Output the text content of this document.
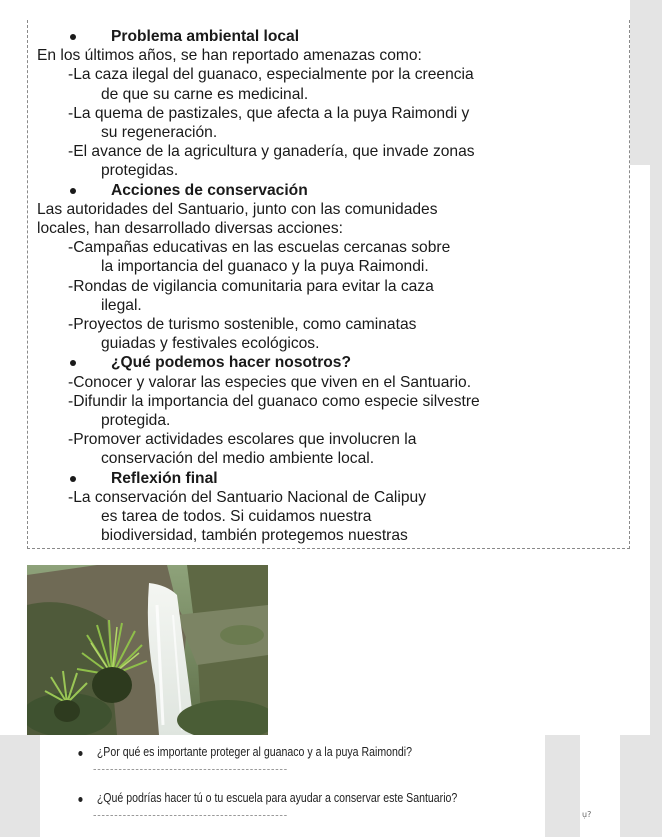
Problema ambiental local
En los últimos años, se han reportado amenazas como:
-La caza ilegal del guanaco, especialmente por la creencia
de que su carne es medicinal.
-La quema de pastizales, que afecta a la puya Raimondi y
su regeneración.
-El avance de la agricultura y ganadería, que invade zonas
protegidas.
Acciones de conservación
Las autoridades del Santuario, junto con las comunidades
locales, han desarrollado diversas acciones:
-Campañas educativas en las escuelas cercanas sobre
la importancia del guanaco y la puya Raimondi.
-Rondas de vigilancia comunitaria para evitar la caza
ilegal.
-Proyectos de turismo sostenible, como caminatas
guiadas y festivales ecológicos.
¿Qué podemos hacer nosotros?
-Conocer y valorar las especies que viven en el Santuario.
-Difundir la importancia del guanaco como especie silvestre
protegida.
-Promover actividades escolares que involucren la
conservación del medio ambiente local.
Reflexión final
-La conservación del Santuario Nacional de Calipuy
es tarea de todos. Si cuidamos nuestra
biodiversidad, también protegemos nuestras
¿Por qué es importante proteger al guanaco y a la puya Raimondi?
¿Qué podrías hacer tú o tu escuela para ayudar a conservar este Santuario?
ụ?
